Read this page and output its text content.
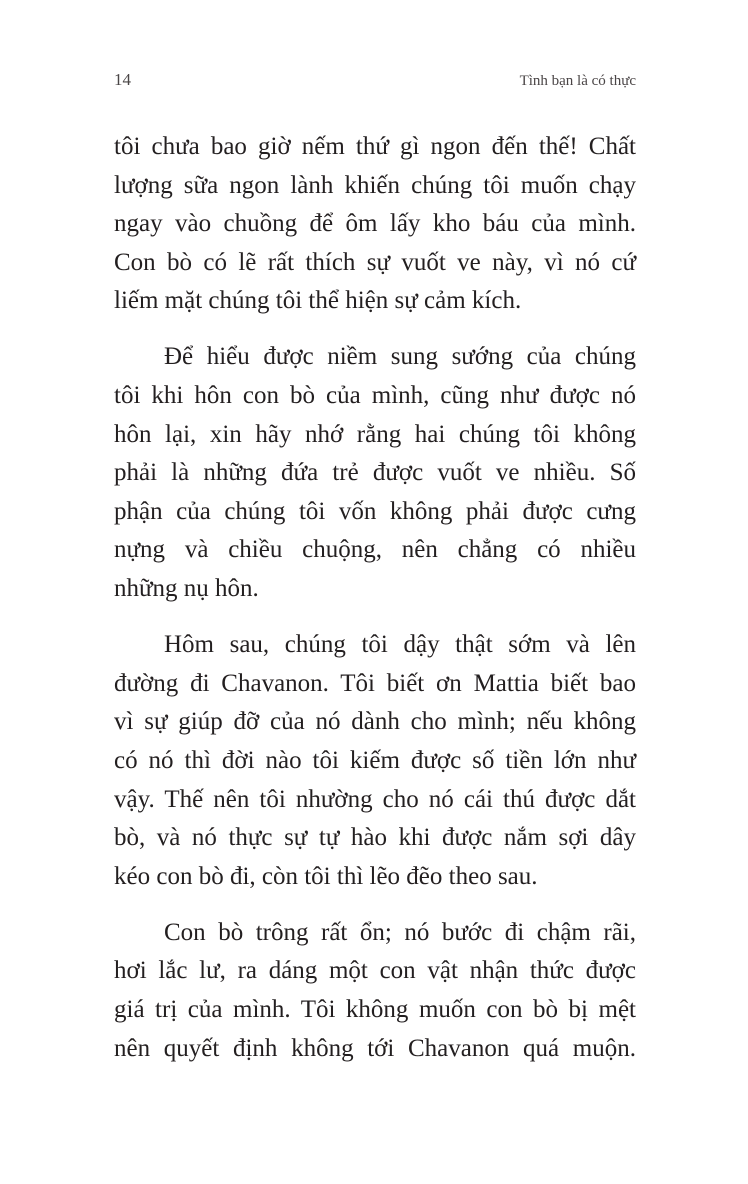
14	Tình bạn là có thực

tôi chưa bao giờ nếm thứ gì ngon đến thế! Chất
lượng sữa ngon lành khiến chúng tôi muốn chạy
ngay vào chuồng để ôm lấy kho báu của mình.
Con bò có lẽ rất thích sự vuốt ve này, vì nó cứ
liếm mặt chúng tôi thể hiện sự cảm kích.

Để hiểu được niềm sung sướng của chúng
tôi khi hôn con bò của mình, cũng như được nó
hôn lại, xin hãy nhớ rằng hai chúng tôi không
phải là những đứa trẻ được vuốt ve nhiều. Số
phận của chúng tôi vốn không phải được cưng
nựng và chiều chuộng, nên chẳng có nhiều
những nụ hôn.

Hôm sau, chúng tôi dậy thật sớm và lên
đường đi Chavanon. Tôi biết ơn Mattia biết bao
vì sự giúp đỡ của nó dành cho mình; nếu không
có nó thì đời nào tôi kiếm được số tiền lớn như
vậy. Thế nên tôi nhường cho nó cái thú được dắt
bò, và nó thực sự tự hào khi được nắm sợi dây
kéo con bò đi, còn tôi thì lẽo đẽo theo sau.

Con bò trông rất ổn; nó bước đi chậm rãi,
hơi lắc lư, ra dáng một con vật nhận thức được
giá trị của mình. Tôi không muốn con bò bị mệt
nên quyết định không tới Chavanon quá muộn.
